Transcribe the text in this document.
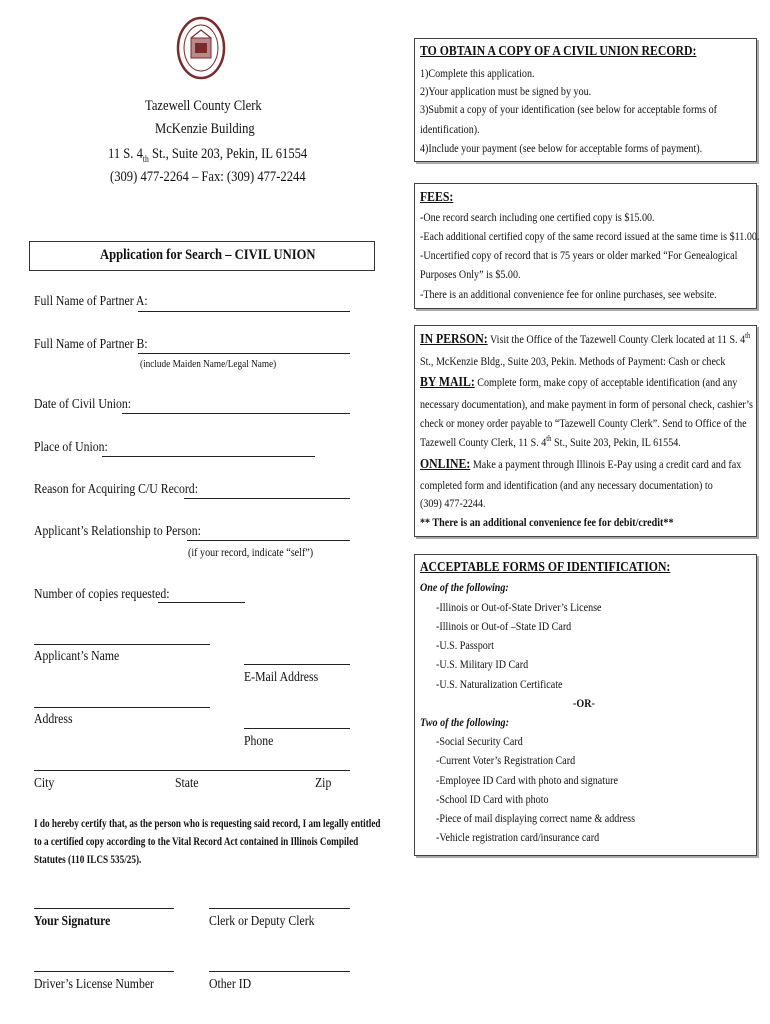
Tazewell County Clerk
McKenzie Building
11 S. 4th St., Suite 203, Pekin, IL 61554
(309) 477-2264 – Fax: (309) 477-2244
Application for Search – CIVIL UNION
Full Name of Partner A:
Full Name of Partner B:
(include Maiden Name/Legal Name)
Date of Civil Union:
Place of Union:
Reason for Acquiring C/U Record:
Applicant’s Relationship to Person:
(if your record, indicate “self”)
Number of copies requested:
Applicant’s Name
E-Mail Address
Address
Phone
City	State	Zip
I do hereby certify that, as the person who is requesting said record, I am legally entitled
to a certified copy according to the Vital Record Act contained in Illinois Compiled
Statutes (110 ILCS 535/25).
Your Signature	Clerk or Deputy Clerk
Driver’s License Number	Other ID
TO OBTAIN A COPY OF A CIVIL UNION RECORD:
1)Complete this application.
2)Your application must be signed by you.
3)Submit a copy of your identification (see below for acceptable forms of
identification).
4)Include your payment (see below for acceptable forms of payment).
FEES:
-One record search including one certified copy is $15.00.
-Each additional certified copy of the same record issued at the same time is $11.00.
-Uncertified copy of record that is 75 years or older marked “For Genealogical
Purposes Only” is $5.00.
-There is an additional convenience fee for online purchases, see website.
IN PERSON: Visit the Office of the Tazewell County Clerk located at 11 S. 4th
St., McKenzie Bldg., Suite 203, Pekin. Methods of Payment: Cash or check
BY MAIL: Complete form, make copy of acceptable identification (and any
necessary documentation), and make payment in form of personal check, cashier’s
check or money order payable to “Tazewell County Clerk”. Send to Office of the
Tazewell County Clerk, 11 S. 4th St., Suite 203, Pekin, IL 61554.
ONLINE: Make a payment through Illinois E-Pay using a credit card and fax
completed form and identification (and any necessary documentation) to
(309) 477-2244.
** There is an additional convenience fee for debit/credit**
ACCEPTABLE FORMS OF IDENTIFICATION:
One of the following:
-Illinois or Out-of-State Driver’s License
-Illinois or Out-of –State ID Card
-U.S. Passport
-U.S. Military ID Card
-U.S. Naturalization Certificate
-OR-
Two of the following:
-Social Security Card
-Current Voter’s Registration Card
-Employee ID Card with photo and signature
-School ID Card with photo
-Piece of mail displaying correct name & address
-Vehicle registration card/insurance card
